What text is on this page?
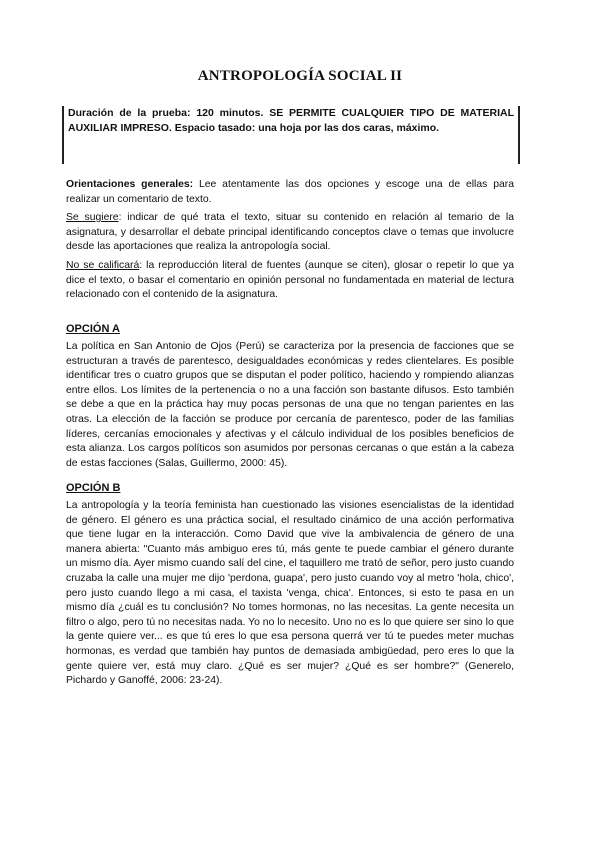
ANTROPOLOGÍA SOCIAL II

Duración de la prueba: 120 minutos. SE PERMITE CUALQUIER TIPO DE MATERIAL AUXILIAR IMPRESO. Espacio tasado: una hoja por las dos caras, máximo.

Orientaciones generales: Lee atentamente las dos opciones y escoge una de ellas para realizar un comentario de texto.

Se sugiere: indicar de qué trata el texto, situar su contenido en relación al temario de la asignatura, y desarrollar el debate principal identificando conceptos clave o temas que involucre desde las aportaciones que realiza la antropología social.

No se calificará: la reproducción literal de fuentes (aunque se citen), glosar o repetir lo que ya dice el texto, o basar el comentario en opinión personal no fundamentada en material de lectura relacionado con el contenido de la asignatura.

OPCIÓN A

La política en San Antonio de Ojos (Perú) se caracteriza por la presencia de facciones que se estructuran a través de parentesco, desigualdades económicas y redes clientelares. Es posible identificar tres o cuatro grupos que se disputan el poder político, haciendo y rompiendo alianzas entre ellos. Los límites de la pertenencia o no a una facción son bastante difusos. Esto también se debe a que en la práctica hay muy pocas personas de una que no tengan parientes en las otras. La elección de la facción se produce por cercanía de parentesco, poder de las familias líderes, cercanías emocionales y afectivas y el cálculo individual de los posibles beneficios de esta alianza. Los cargos políticos son asumidos por personas cercanas o que están a la cabeza de estas facciones (Salas, Guillermo, 2000: 45).

OPCIÓN B

La antropología y la teoría feminista han cuestionado las visiones esencialistas de la identidad de género. El género es una práctica social, el resultado cinámico de una acción performativa que tiene lugar en la interacción. Como David que vive la ambivalencia de género de una manera abierta: "Cuanto más ambiguo eres tú, más gente te puede cambiar el género durante un mismo día. Ayer mismo cuando salí del cine, el taquillero me trató de señor, pero justo cuando cruzaba la calle una mujer me dijo 'perdona, guapa', pero justo cuando voy al metro 'hola, chico', pero justo cuando llego a mi casa, el taxista 'venga, chica'. Entonces, si esto te pasa en un mismo día ¿cuál es tu conclusión? No tomes hormonas, no las necesitas. La gente necesita un filtro o algo, pero tú no necesitas nada. Yo no lo necesito. Uno no es lo que quiere ser sino lo que la gente quiere ver... es que tú eres lo que esa persona querrá ver tú te puedes meter muchas hormonas, es verdad que también hay puntos de demasiada ambigüedad, pero eres lo que la gente quiere ver, está muy claro. ¿Qué es ser mujer? ¿Qué es ser hombre?" (Generelo, Pichardo y Ganoffé, 2006: 23-24).
